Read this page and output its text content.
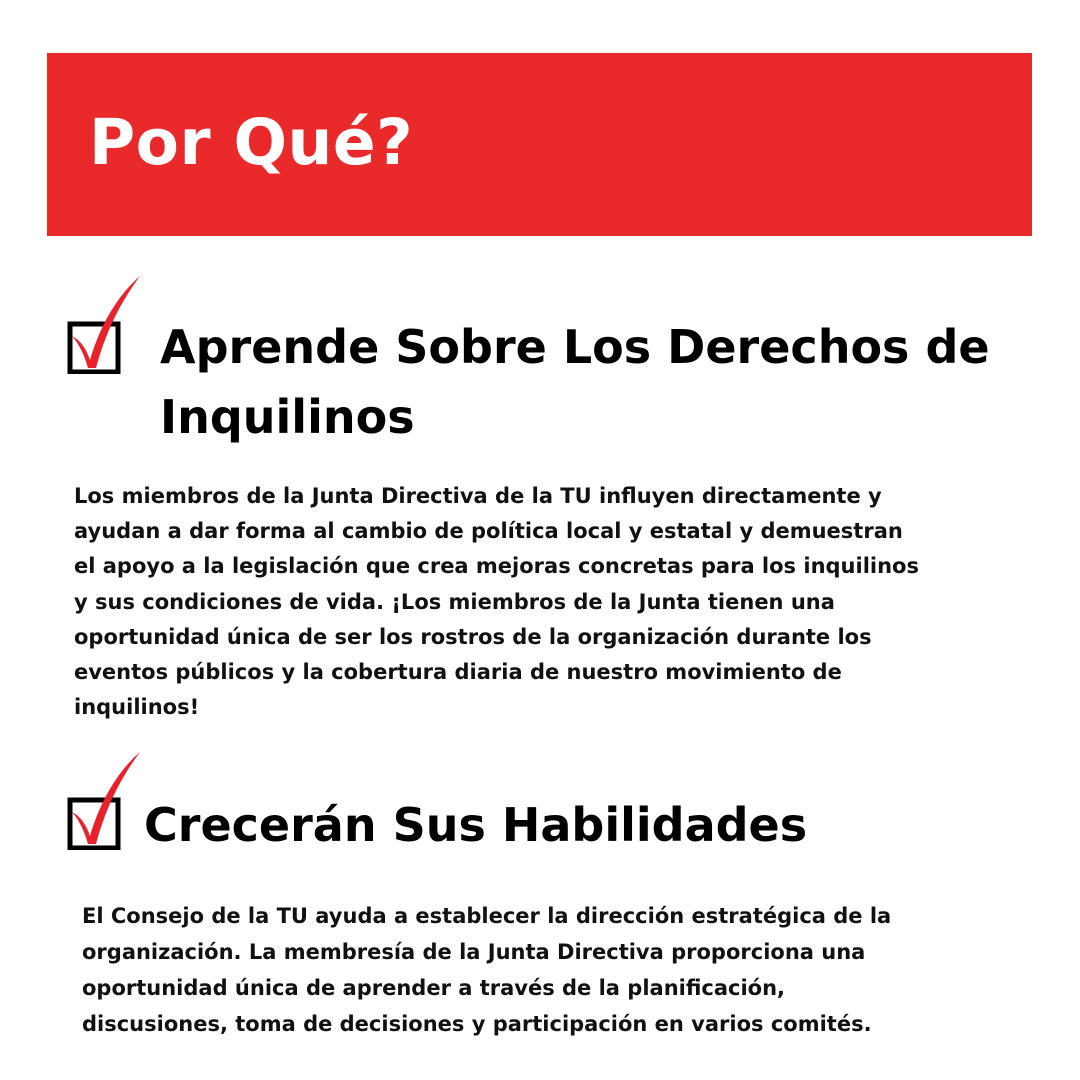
Por Qué?
Aprende Sobre Los Derechos de
Inquilinos

Los miembros de la Junta Directiva de la TU influyen directamente y
ayudan a dar forma al cambio de política local y estatal y demuestran
el apoyo a la legislación que crea mejoras concretas para los inquilinos
y sus condiciones de vida. ¡Los miembros de la Junta tienen una
oportunidad única de ser los rostros de la organización durante los
eventos públicos y la cobertura diaria de nuestro movimiento de
inquilinos!

Crecerán Sus Habilidades

El Consejo de la TU ayuda a establecer la dirección estratégica de la
organización. La membresía de la Junta Directiva proporciona una
oportunidad única de aprender a través de la planificación,
discusiones, toma de decisiones y participación en varios comités.
